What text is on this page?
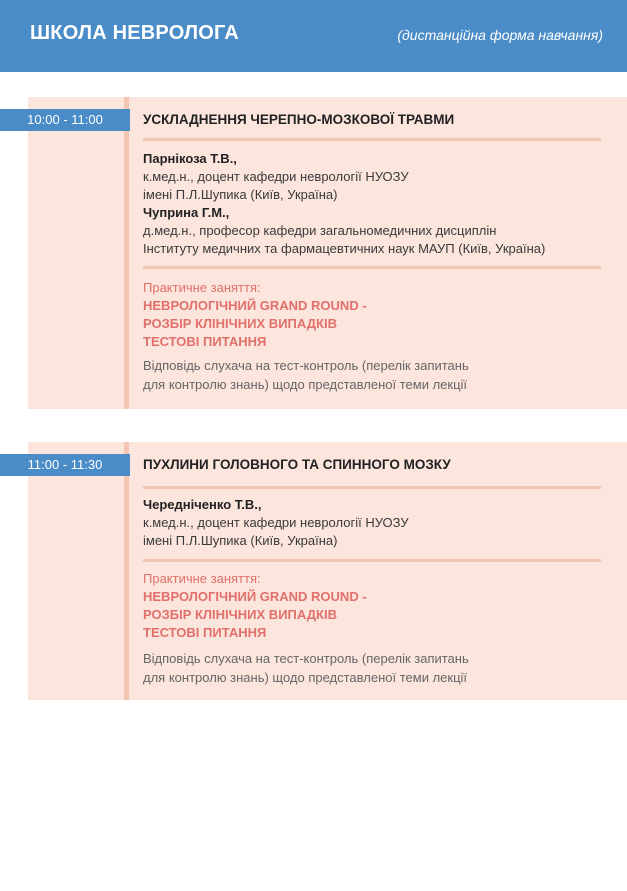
ШКОЛА НЕВРОЛОГА	(дистанційна форма навчання)
10:00 - 11:00	УСКЛАДНЕННЯ ЧЕРЕПНО-МОЗКОВОЇ ТРАВМИ
Парнікоза Т.В.,
к.мед.н., доцент кафедри неврології НУОЗУ
імені П.Л.Шупика (Київ, Україна)
Чуприна Г.М.,
д.мед.н., професор кафедри загальномедичних дисциплін
Інституту медичних та фармацевтичних наук МАУП (Київ, Україна)
Практичне заняття:
НЕВРОЛОГІЧНИЙ GRAND ROUND -
РОЗБІР КЛІНІЧНИХ ВИПАДКІВ
ТЕСТОВІ ПИТАННЯ
Відповідь слухача на тест-контроль (перелік запитань
для контролю знань) щодо представленої теми лекції
11:00 - 11:30	ПУХЛИНИ ГОЛОВНОГО ТА СПИННОГО МОЗКУ
Чередніченко Т.В.,
к.мед.н., доцент кафедри неврології НУОЗУ
імені П.Л.Шупика (Київ, Україна)
Практичне заняття:
НЕВРОЛОГІЧНИЙ GRAND ROUND -
РОЗБІР КЛІНІЧНИХ ВИПАДКІВ
ТЕСТОВІ ПИТАННЯ
Відповідь слухача на тест-контроль (перелік запитань
для контролю знань) щодо представленої теми лекції
